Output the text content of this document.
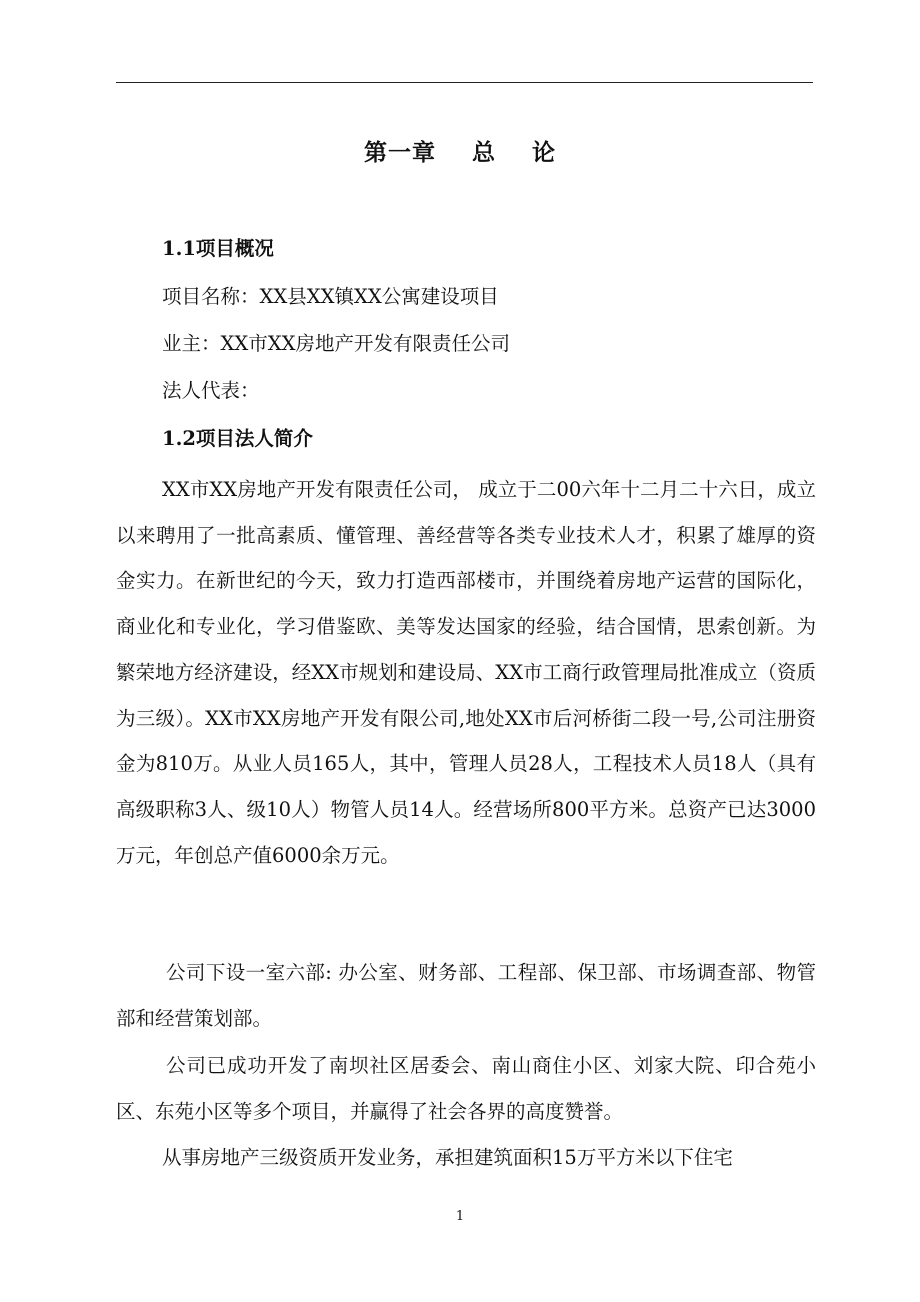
第一章    总    论
1.1项目概况
项目名称：XX县XX镇XX公寓建设项目
业主：XX市XX房地产开发有限责任公司
法人代表：
1.2项目法人简介
XX市XX房地产开发有限责任公司， 成立于二00六年十二月二十六日，成立以来聘用了一批高素质、懂管理、善经营等各类专业技术人才，积累了雄厚的资金实力。在新世纪的今天，致力打造西部楼市，并围绕着房地产运营的国际化，商业化和专业化，学习借鉴欧、美等发达国家的经验，结合国情，思索创新。为繁荣地方经济建设，经XX市规划和建设局、XX市工商行政管理局批准成立（资质为三级）。XX市XX房地产开发有限公司,地处XX市后河桥街二段一号,公司注册资金为810万。从业人员165人，其中，管理人员28人，工程技术人员18人（具有高级职称3人、级10人）物管人员14人。经营场所800平方米。总资产已达3000万元，年创总产值6000余万元。
公司下设一室六部: 办公室、财务部、工程部、保卫部、市场调查部、物管部和经营策划部。
公司已成功开发了南坝社区居委会、南山商住小区、刘家大院、印合苑小区、东苑小区等多个项目，并赢得了社会各界的高度赞誉。
从事房地产三级资质开发业务，承担建筑面积15万平方米以下住宅
1
